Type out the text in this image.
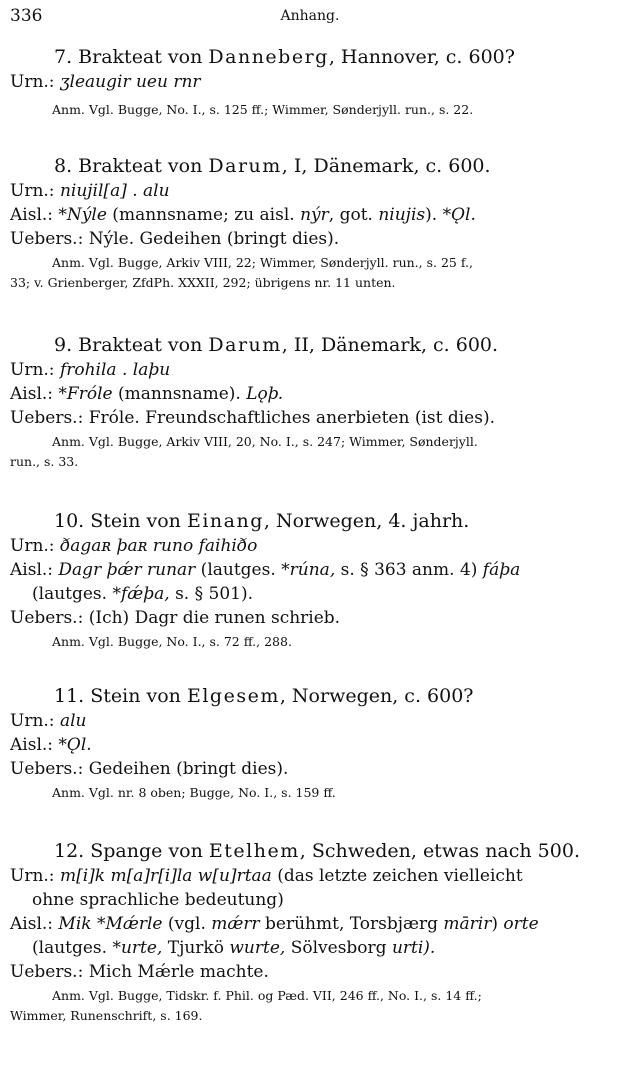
336	Anhang.
7. Brakteat von Danneberg, Hannover, c. 600?
Urn.: ʒleaugir ueu rnr
Anm. Vgl. Bugge, No. I., s. 125 ff.; Wimmer, Sønderjyll. run., s. 22.
8. Brakteat von Darum, I, Dänemark, c. 600.
Urn.: niujil[a] . alu
Aisl.: *Nýle (mannsname; zu aisl. nýr, got. niujis). *Ǫl.
Uebers.: Nýle. Gedeihen (bringt dies).
Anm. Vgl. Bugge, Arkiv VIII, 22; Wimmer, Sønderjyll. run., s. 25 f.,
33; v. Grienberger, ZfdPh. XXXII, 292; übrigens nr. 11 unten.
9. Brakteat von Darum, II, Dänemark, c. 600.
Urn.: frohila . laþu
Aisl.: *Fróle (mannsname). Lǫþ.
Uebers.: Fróle. Freundschaftliches anerbieten (ist dies).
Anm. Vgl. Bugge, Arkiv VIII, 20, No. I., s. 247; Wimmer, Sønderjyll.
run., s. 33.
10. Stein von Einang, Norwegen, 4. jahrh.
Urn.: ðagaʀ þaʀ runo faihiðo
Aisl.: Dagr þǽr runar (lautges. *rúna, s. § 363 anm. 4) fáþa
(lautges. *fǽþa, s. § 501).
Uebers.: (Ich) Dagr die runen schrieb.
Anm. Vgl. Bugge, No. I., s. 72 ff., 288.
11. Stein von Elgesem, Norwegen, c. 600?
Urn.: alu
Aisl.: *Ǫl.
Uebers.: Gedeihen (bringt dies).
Anm. Vgl. nr. 8 oben; Bugge, No. I., s. 159 ff.
12. Spange von Etelhem, Schweden, etwas nach 500.
Urn.: m[i]k m[a]r[i]la w[u]rtaa (das letzte zeichen vielleicht
ohne sprachliche bedeutung)
Aisl.: Mik *Mǽrle (vgl. mǽrr berühmt, Torsbjærg mārir) orte
(lautges. *urte, Tjurkö wurte, Sölvesborg urti).
Uebers.: Mich Mǽrle machte.
Anm. Vgl. Bugge, Tidskr. f. Phil. og Pæd. VII, 246 ff., No. I., s. 14 ff.;
Wimmer, Runenschrift, s. 169.
